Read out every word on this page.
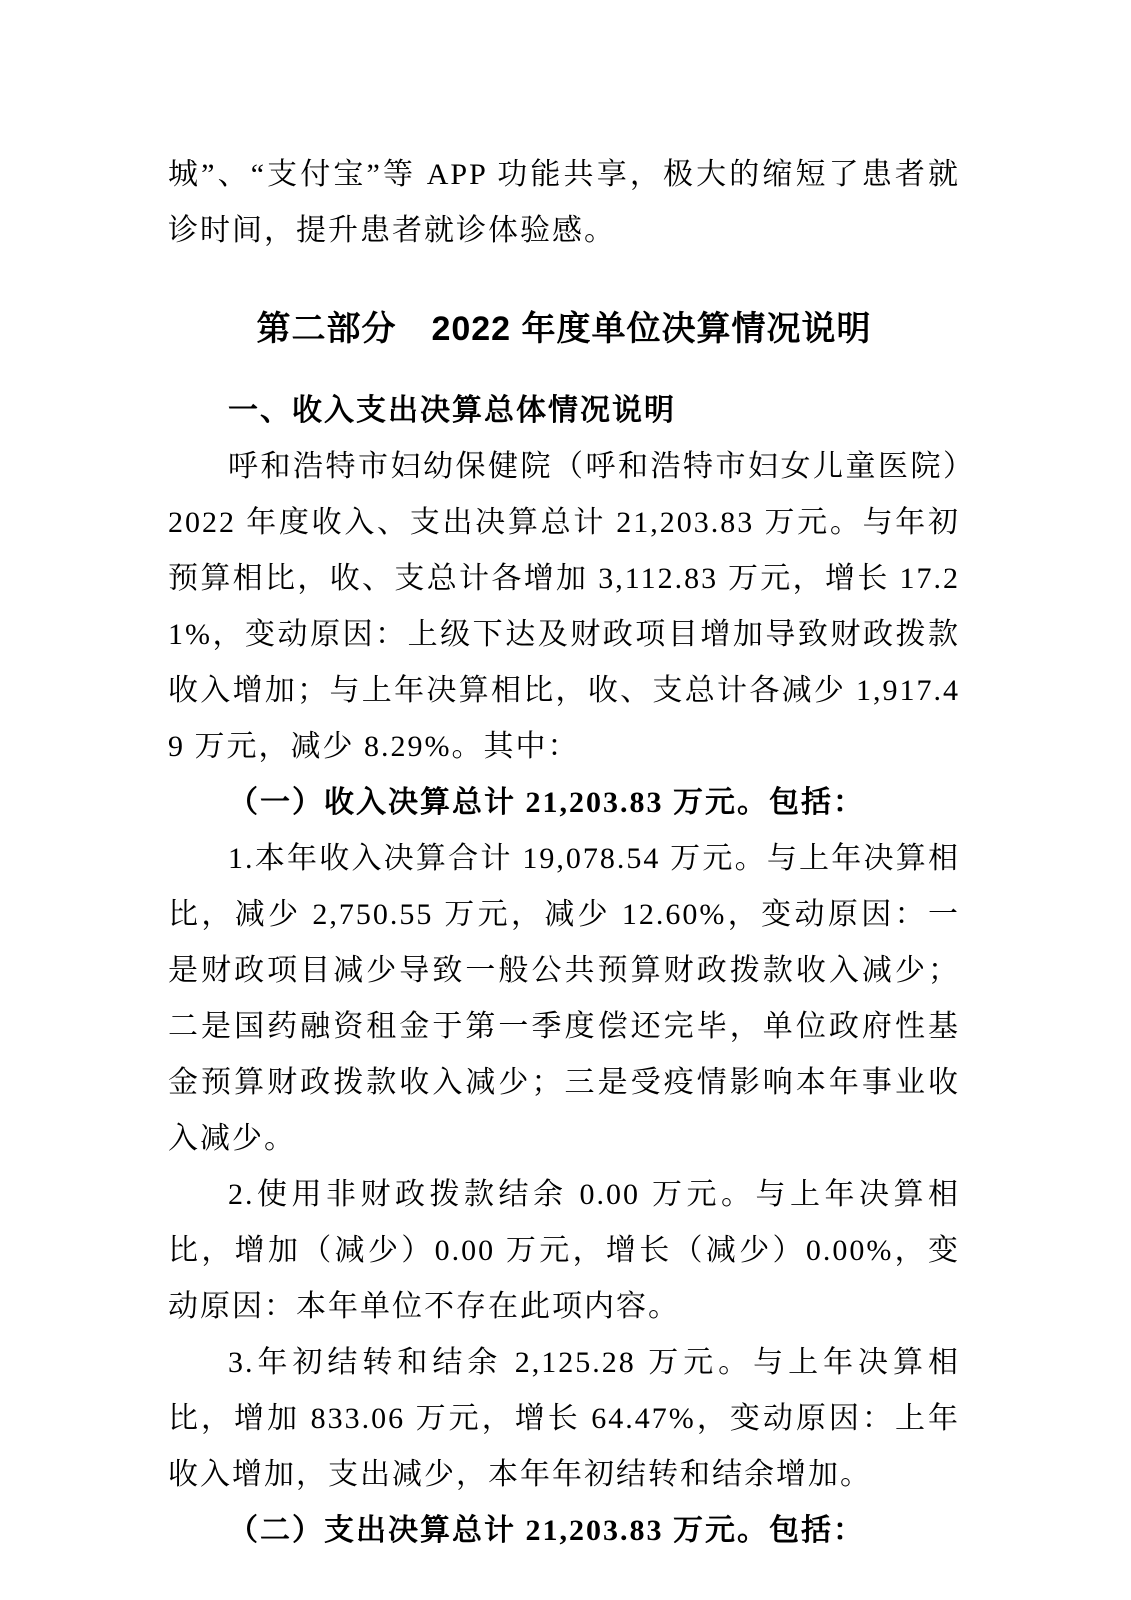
城”、“支付宝”等 APP 功能共享，极大的缩短了患者就诊时间，提升患者就诊体验感。

第二部分　2022 年度单位决算情况说明
一、收入支出决算总体情况说明

呼和浩特市妇幼保健院（呼和浩特市妇女儿童医院）2022 年度收入、支出决算总计 21,203.83 万元。与年初预算相比，收、支总计各增加 3,112.83 万元，增长 17.21%，变动原因：上级下达及财政项目增加导致财政拨款收入增加；与上年决算相比，收、支总计各减少 1,917.49 万元，减少 8.29%。其中：

（一）收入决算总计 21,203.83 万元。包括：

1.本年收入决算合计 19,078.54 万元。与上年决算相比，减少 2,750.55 万元，减少 12.60%，变动原因：一是财政项目减少导致一般公共预算财政拨款收入减少；二是国药融资租金于第一季度偿还完毕，单位政府性基金预算财政拨款收入减少；三是受疫情影响本年事业收入减少。

2.使用非财政拨款结余 0.00 万元。与上年决算相比，增加（减少）0.00 万元，增长（减少）0.00%，变动原因：本年单位不存在此项内容。

3.年初结转和结余 2,125.28 万元。与上年决算相比，增加 833.06 万元，增长 64.47%，变动原因：上年收入增加，支出减少，本年年初结转和结余增加。

（二）支出决算总计 21,203.83 万元。包括：
